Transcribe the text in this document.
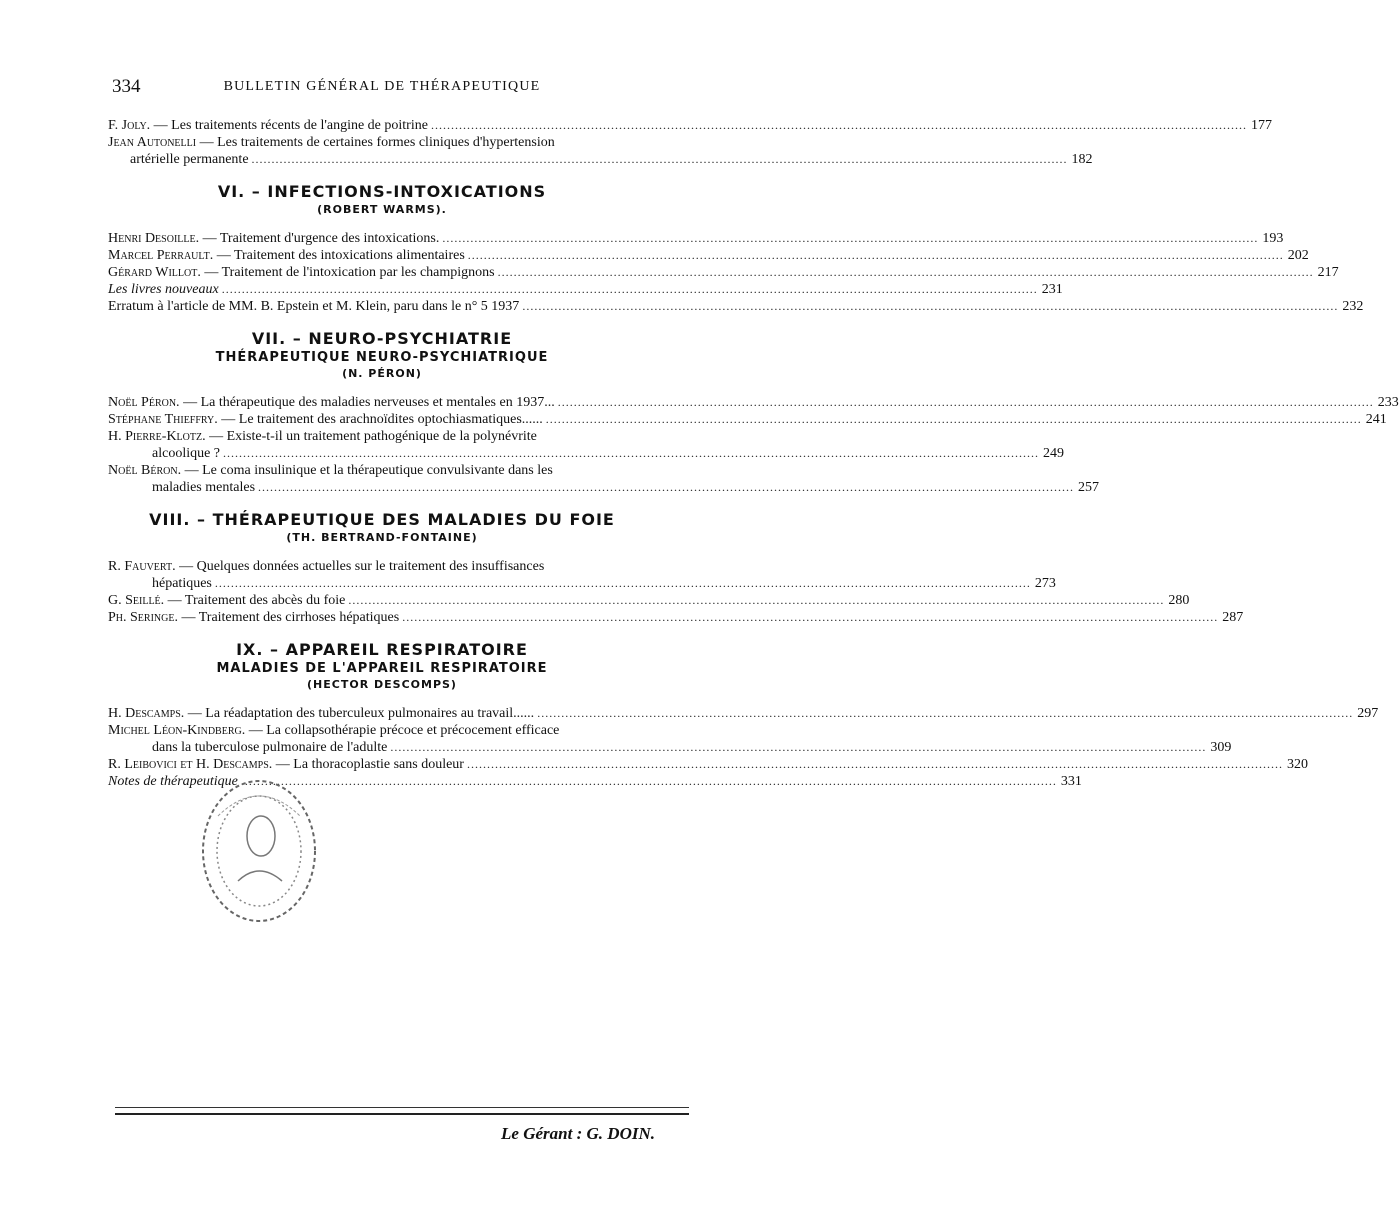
334	BULLETIN GÉNÉRAL DE THÉRAPEUTIQUE
F. Joly. — Les traitements récents de l'angine de poitrine .....	177
Jean Autonelli — Les traitements de certaines formes cliniques d'hypertension
artérielle permanente .....	182
VI. – INFECTIONS-INTOXICATIONS
(ROBERT WARMS).
Henri Desoille. — Traitement d'urgence des intoxications. .....	193
Marcel Perrault. — Traitement des intoxications alimentaires .....	202
Gérard Willot. — Traitement de l'intoxication par les champignons .....	217
Les livres nouveaux .....	231
Erratum à l'article de MM. B. Epstein et M. Klein, paru dans le n° 5 1937 .....	232
VII. – NEURO-PSYCHIATRIE
THÉRAPEUTIQUE NEURO-PSYCHIATRIQUE
(N. PÉRON)
Noël Péron. — La thérapeutique des maladies nerveuses et mentales en 1937... .....	233
Stéphane Thieffry. — Le traitement des arachnoïdites optochiasmatiques...... .....	241
H. Pierre-Klotz. — Existe-t-il un traitement pathogénique de la polynévrite
alcoolique ? .....	249
Noël Béron. — Le coma insulinique et la thérapeutique convulsivante dans les
maladies mentales .....	257
VIII. – THÉRAPEUTIQUE DES MALADIES DU FOIE
(TH. BERTRAND-FONTAINE)
R. Fauvert. — Quelques données actuelles sur le traitement des insuffisances
hépatiques .....	273
G. Seillé. — Traitement des abcès du foie .....	280
Ph. Seringe. — Traitement des cirrhoses hépatiques .....	287
IX. – APPAREIL RESPIRATOIRE
MALADIES DE L'APPAREIL RESPIRATOIRE
(HECTOR DESCOMPS)
H. Descamps. — La réadaptation des tuberculeux pulmonaires au travail...... .....	297
Michel Léon-Kindberg. — La collapsothérapie précoce et précocement efficace
dans la tuberculose pulmonaire de l'adulte .....	309
R. Leibovici et H. Descamps. — La thoracoplastie sans douleur .....	320
Notes de thérapeutique .....	331
Le Gérant : G. DOIN.
